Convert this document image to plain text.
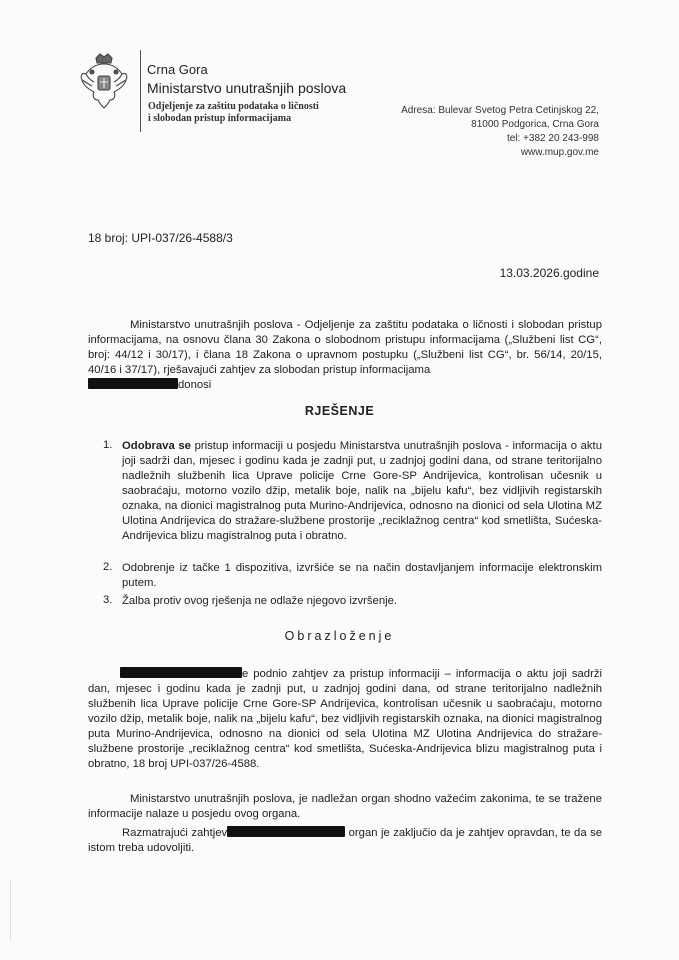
Crna Gora
Ministarstvo unutrašnjih poslova
Odjeljenje za zaštitu podataka o ličnosti
i slobodan pristup informacijama
Adresa: Bulevar Svetog Petra Cetinjskog 22,
81000 Podgorica, Crna Gora
tel: +382 20 243-998
www.mup.gov.me
18 broj: UPI-037/26-4588/3
13.03.2026.godine
Ministarstvo unutrašnjih poslova - Odjeljenje za zaštitu podataka o ličnosti i slobodan pristup informacijama, na osnovu člana 30 Zakona o slobodnom pristupu informacijama („Službeni list CG“, broj: 44/12 i 30/17), i člana 18 Zakona o upravnom postupku („Službeni list CG“, br. 56/14, 20/15, 40/16 i 37/17), rješavajući zahtjev za slobodan pristup informacijama
donosi
RJEŠENJE
1. Odobrava se pristup informaciji u posjedu Ministarstva unutrašnjih poslova - informacija o aktu joji sadrži dan, mjesec i godinu kada je zadnji put, u zadnjoj godini dana, od strane teritorijalno nadležnih službenih lica Uprave policije Crne Gore-SP Andrijevica, kontrolisan učesnik u saobraćaju, motorno vozilo džip, metalik boje, nalik na „bijelu kafu“, bez vidljivih registarskih oznaka, na dionici magistralnog puta Murino-Andrijevica, odnosno na dionici od sela Ulotina MZ Ulotina Andrijevica do stražare-službene prostorije „reciklažnog centra“ kod smetlišta, Sućeska-Andrijevica blizu magistralnog puta i obratno.
2. Odobrenje iz tačke 1 dispozitiva, izvršiće se na način dostavljanjem informacije elektronskim putem.
3. Žalba protiv ovog rješenja ne odlaže njegovo izvršenje.
Obrazloženje
e podnio zahtjev za pristup informaciji – informacija o aktu joji sadrži dan, mjesec i godinu kada je zadnji put, u zadnjoj godini dana, od strane teritorijalno nadležnih službenih lica Uprave policije Crne Gore-SP Andrijevica, kontrolisan učesnik u saobraćaju, motorno vozilo džip, metalik boje, nalik na „bijelu kafu“, bez vidljivih registarskih oznaka, na dionici magistralnog puta Murino-Andrijevica, odnosno na dionici od sela Ulotina MZ Ulotina Andrijevica do stražare-službene prostorije „reciklažnog centra“ kod smetlišta, Sućeska-Andrijevica blizu magistralnog puta i obratno, 18 broj UPI-037/26-4588.
Ministarstvo unutrašnjih poslova, je nadležan organ shodno važećim zakonima, te se tražene informacije nalaze u posjedu ovog organa.
Razmatrajući zahtjev	organ je zaključio da je zahtjev opravdan, te da se istom treba udovoljiti.
